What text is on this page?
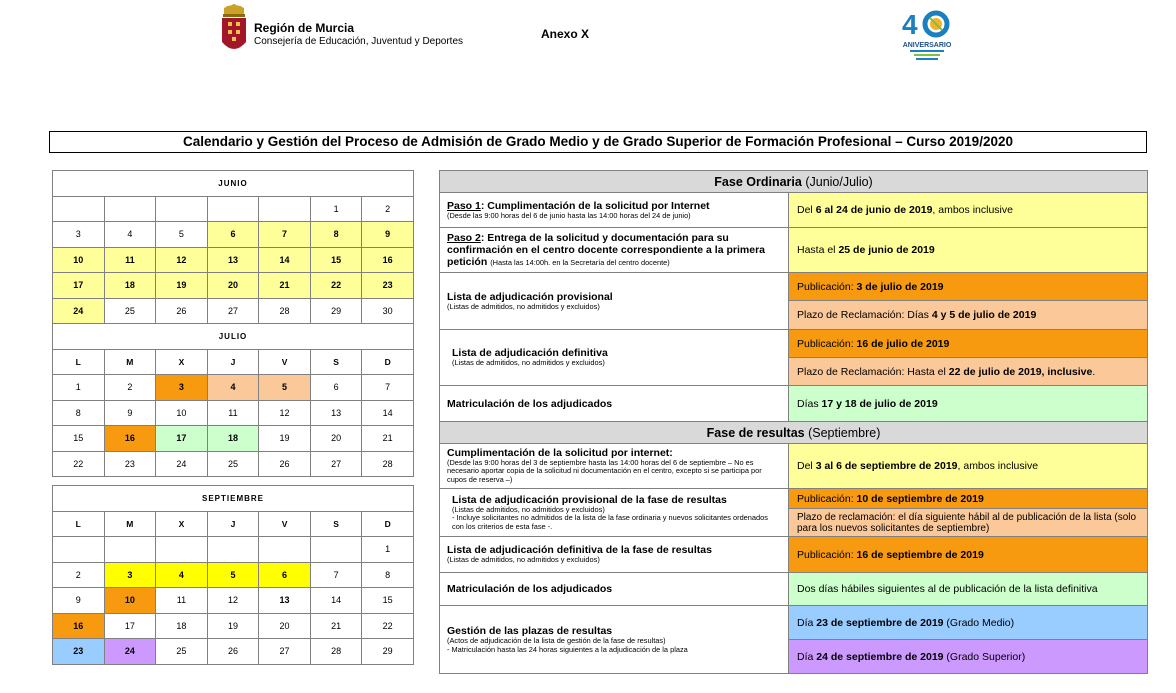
Región de Murcia
Consejería de Educación, Juventud y Deportes
Anexo X	4
ANIVERSARIO
Calendario y Gestión del Proceso de Admisión de Grado Medio y de Grado Superior de Formación Profesional – Curso 2019/2020
JUNIO						
					1	2
3	4	5	6	7	8	9
10	11	12	13	14	15	16
17	18	19	20	21	22	23
24	25	26	27	28	29	30
JULIO						
L	M	X	J	V	S	D
1	2	3	4	5	6	7
8	9	10	11	12	13	14
15	16	17	18	19	20	21
22	23	24	25	26	27	28
SEPTIEMBRE						
L	M	X	J	V	S	D
						1
2	3	4	5	6	7	8
9	10	11	12	13	14	15
16	17	18	19	20	21	22
23	24	25	26	27	28	29
Fase Ordinaria (Junio/Julio)	
Paso 1: Cumplimentación de la solicitud por Internet
(Desde las 9:00 horas del 6 de junio hasta las 14:00 horas del 24 de junio)	Del 6 al 24 de junio de 2019, ambos inclusive
Paso 2: Entrega de la solicitud y documentación para su confirmación en el centro docente correspondiente a la primera petición (Hasta las 14:00h. en la Secretaría del centro docente)	Hasta el 25 de junio de 2019
Lista de adjudicación provisional
(Listas de admitidos, no admitidos y excluidos)	Publicación: 3 de julio de 2019
	Plazo de Reclamación: Días 4 y 5 de julio de 2019
Lista de adjudicación definitiva
(Listas de admitidos, no admitidos y excluidos)	Publicación: 16 de julio de 2019
	Plazo de Reclamación: Hasta el 22 de julio de 2019, inclusive.
Matriculación de los adjudicados	Días 17 y 18 de julio de 2019
Fase de resultas (Septiembre)	
Cumplimentación de la solicitud por internet:
(Desde las 9:00 horas del 3 de septiembre hasta las 14:00 horas del 6 de septiembre – No es necesario aportar copia de la solicitud ni documentación en el centro, excepto si se participa por cupos de reserva –)	Del 3 al 6 de septiembre de 2019, ambos inclusive
Lista de adjudicación provisional de la fase de resultas
(Listas de admitidos, no admitidos y excluidos)
- Incluye solicitantes no admitidos de la lista de la fase ordinaria y nuevos solicitantes ordenados con los criterios de esta fase -.	Publicación: 10 de septiembre de 2019
	Plazo de reclamación: el día siguiente hábil al de publicación de la lista (solo para los nuevos solicitantes de septiembre)
Lista de adjudicación definitiva de la fase de resultas
(Listas de admitidos, no admitidos y excluidos)	Publicación: 16 de septiembre de 2019
Matriculación de los adjudicados	Dos días hábiles siguientes al de publicación de la lista definitiva
Gestión de las plazas de resultas
(Actos de adjudicación de la lista de gestión de la fase de resultas)
- Matriculación hasta las 24 horas siguientes a la adjudicación de la plaza	Día 23 de septiembre de 2019 (Grado Medio)
	Día 24 de septiembre de 2019 (Grado Superior)
